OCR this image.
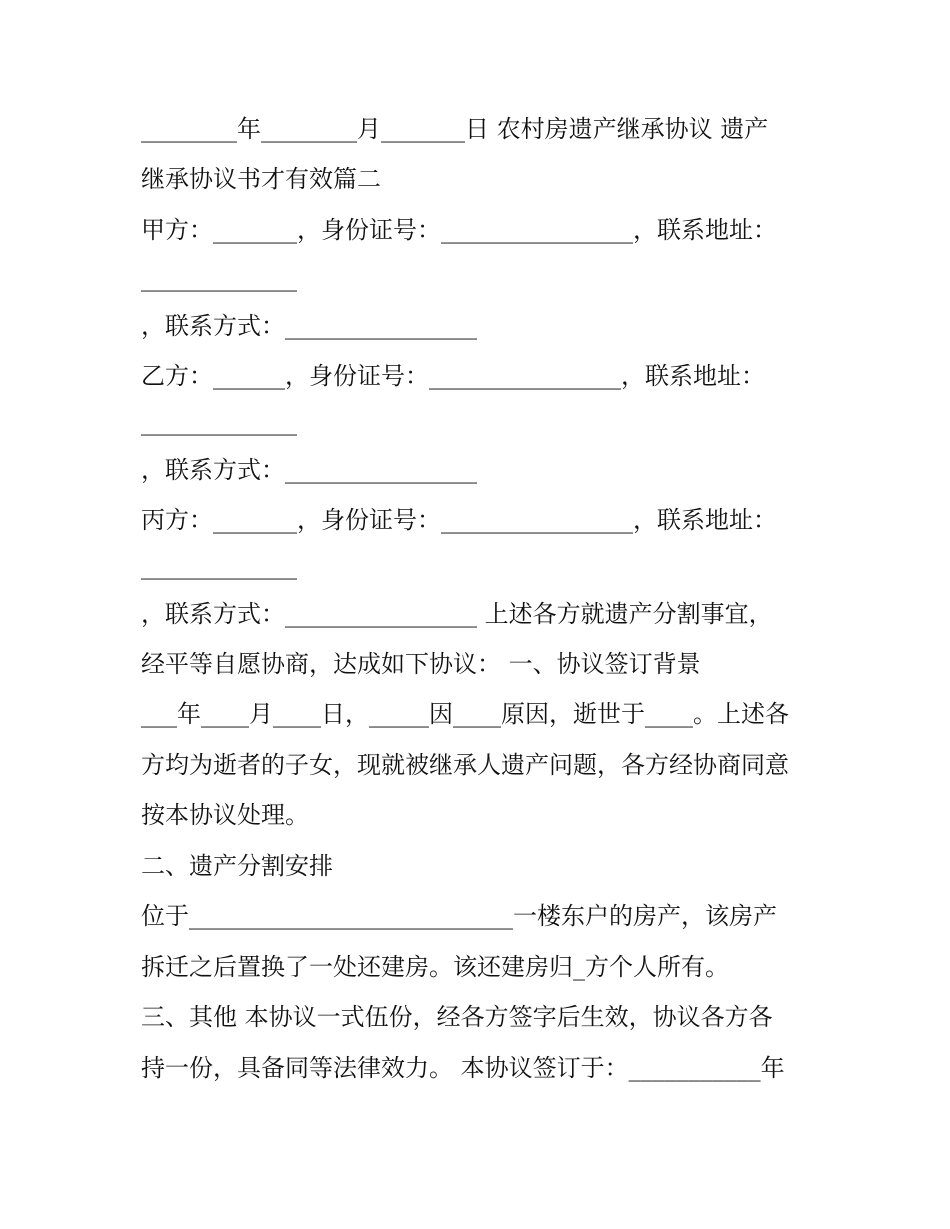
________年________月_______日 农村房遗产继承协议 遗产
继承协议书才有效篇二
甲方：_______，身份证号：________________，联系地址：
_____________
，联系方式：________________
乙方：______，身份证号：________________，联系地址：
_____________
，联系方式：________________
丙方：_______，身份证号：________________，联系地址：
_____________
，联系方式：________________ 上述各方就遗产分割事宜，
经平等自愿协商，达成如下协议： 一、协议签订背景
___年____月____日，_____因____原因，逝世于____。上述各
方均为逝者的子女，现就被继承人遗产问题，各方经协商同意
按本协议处理。
二、遗产分割安排
位于___________________________一楼东户的房产，该房产
拆迁之后置换了一处还建房。该还建房归_方个人所有。
三、其他 本协议一式伍份，经各方签字后生效，协议各方各
持一份，具备同等法律效力。 本协议签订于：___________年
